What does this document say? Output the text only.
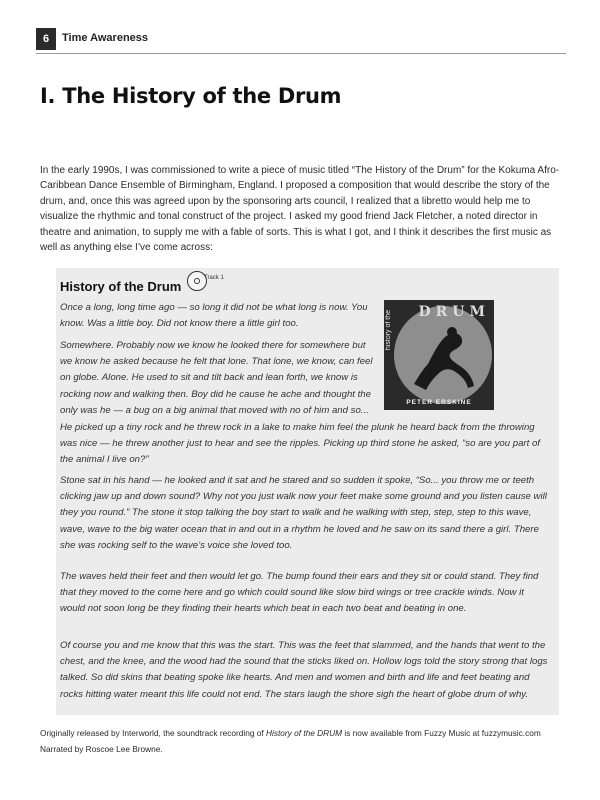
6	Time Awareness
I. The History of the Drum

In the early 1990s, I was commissioned to write a piece of music titled “The History of the Drum” for the Kokuma Afro-Caribbean Dance Ensemble of Birmingham, England. I proposed a composition that would describe the story of the drum, and, once this was agreed upon by the sponsoring arts council, I realized that a libretto would help me to visualize the rhythmic and tonal construct of the project. I asked my good friend Jack Fletcher, a noted director in theatre and animation, to supply me with a fable of sorts. This is what I got, and I think it describes the first music as well as anything else I’ve come across:

History of the Drum
Track 1

Once a long, long time ago — so long it did not be what long is now. You know. Was a little boy. Did not know there a little girl too.

Somewhere. Probably now we know he looked there for somewhere but we know he asked because he felt that lone. That lone, we know, can feel on globe. Alone. He used to sit and tilt back and lean forth, we know is rocking now and walking then. Boy did he cause he ache and thought the only was he — a bug on a big animal that moved with no of him and so...

DRUM
history of the
PETER ERSKINE

He picked up a tiny rock and he threw rock in a lake to make him feel the plunk he heard back from the throwing was nice — he threw another just to hear and see the ripples. Picking up third stone he asked, “so are you part of the animal I live on?”

Stone sat in his hand — he looked and it sat and he stared and so sudden it spoke, “So... you throw me or teeth clicking jaw up and down sound? Why not you just walk now your feet make some ground and you listen cause will they you round.” The stone it stop talking the boy start to walk and he walking with step, step, step to this wave, wave, wave to the big water ocean that in and out in a rhythm he loved and he saw on its sand there a girl. There she was rocking self to the wave’s voice she loved too.

The waves held their feet and then would let go. The bump found their ears and they sit or could stand. They find that they moved to the come here and go which could sound like slow bird wings or tree crackle winds. Now it would not soon long be they finding their hearts which beat in each two beat and beating in one.

Of course you and me know that this was the start. This was the feet that slammed, and the hands that went to the chest, and the knee, and the wood had the sound that the sticks liked on. Hollow logs told the story strong that logs talked. So did skins that beating spoke like hearts. And men and women and birth and life and feet beating and rocks hitting water meant this life could not end. The stars laugh the shore sigh the heart of globe drum of why.

Originally released by Interworld, the soundtrack recording of History of the DRUM is now available from Fuzzy Music at fuzzymusic.com Narrated by Roscoe Lee Browne.
